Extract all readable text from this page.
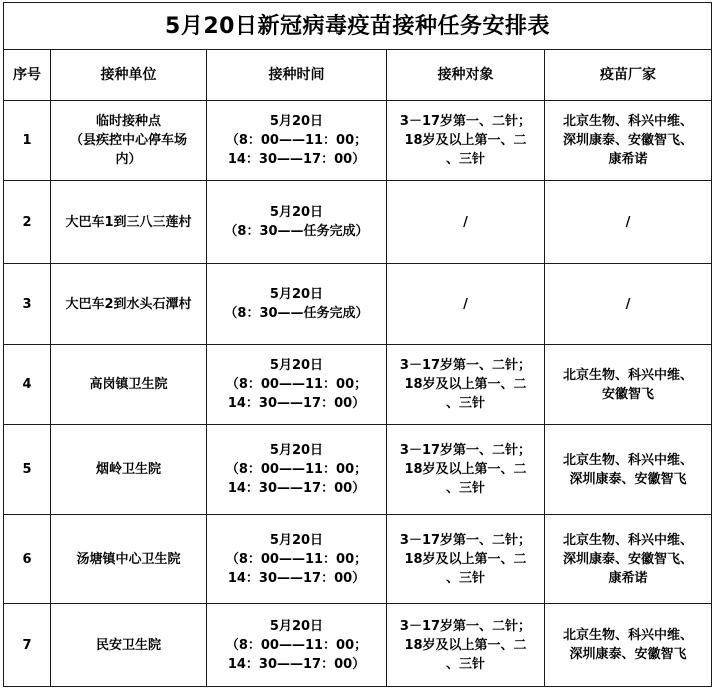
5月20日新冠病毒疫苗接种任务安排表				
序号	接种单位	接种时间	接种对象	疫苗厂家
1	临时接种点
（县疾控中心停车场
内）	5月20日
（8：00——11：00；
14：30——17：00）	3－17岁第一、二针；
18岁及以上第一、二
、三针	北京生物、科兴中维、
深圳康泰、安徽智飞、
康希诺

2	大巴车1到三八三莲村	5月20日
（8：30——任务完成）	/	/

3	大巴车2到水头石潭村	5月20日
（8：30——任务完成）	/	/

4	高岗镇卫生院	5月20日
（8：00——11：00；
14：30——17：00）	3－17岁第一、二针；
18岁及以上第一、二
、三针	北京生物、科兴中维、
安徽智飞

5	烟岭卫生院	5月20日
（8：00——11：00；
14：30——17：00）	3－17岁第一、二针；
18岁及以上第一、二
、三针	北京生物、科兴中维、
深圳康泰、安徽智飞

6	汤塘镇中心卫生院	5月20日
（8：00——11：00；
14：30——17：00）	3－17岁第一、二针；
18岁及以上第一、二
、三针	北京生物、科兴中维、
深圳康泰、安徽智飞、
康希诺

7	民安卫生院	5月20日
（8：00——11：00；
14：30——17：00）	3－17岁第一、二针；
18岁及以上第一、二
、三针	北京生物、科兴中维、
深圳康泰、安徽智飞
